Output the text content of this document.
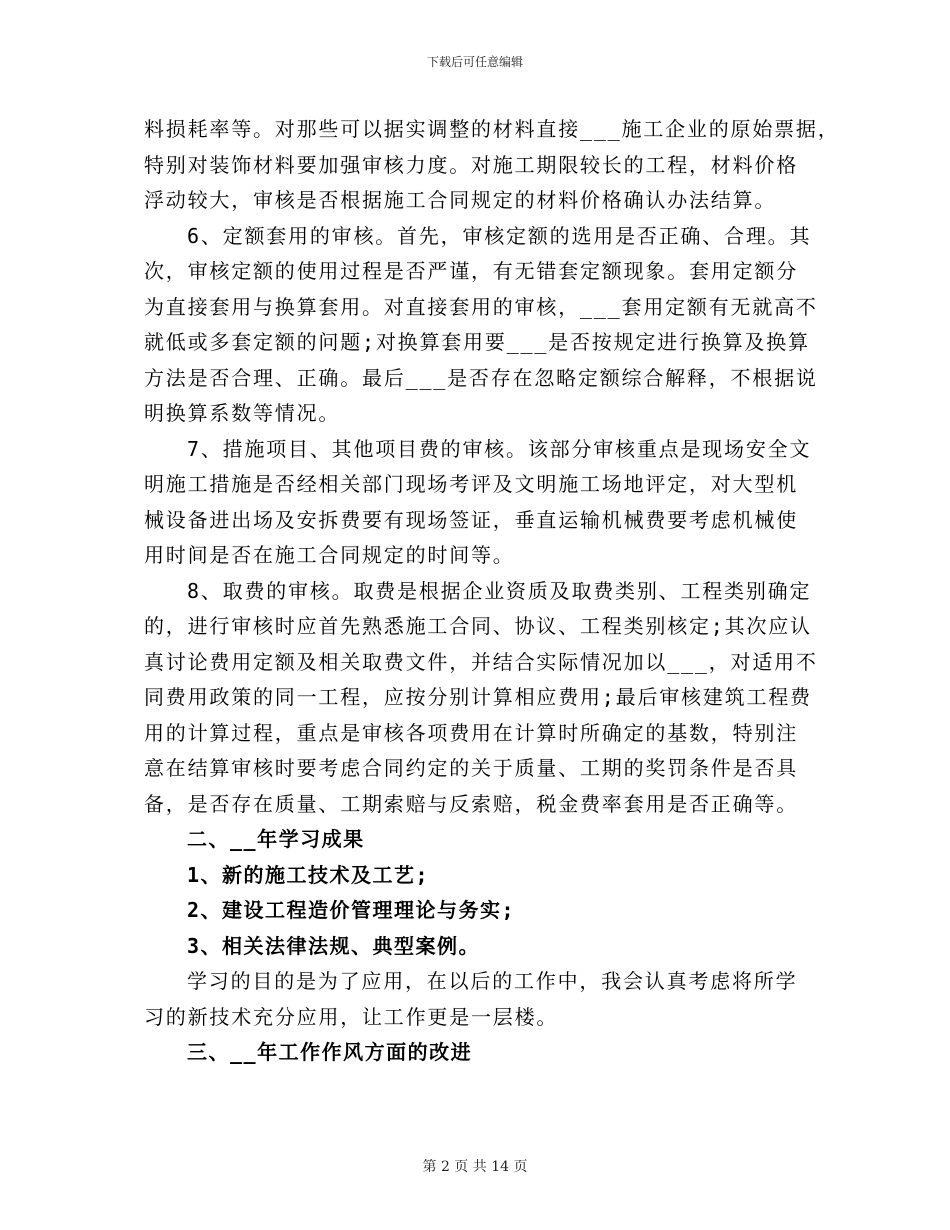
下载后可任意编辑
料损耗率等。对那些可以据实调整的材料直接___施工企业的原始票据，
特别对装饰材料要加强审核力度。对施工期限较长的工程，材料价格
浮动较大，审核是否根据施工合同规定的材料价格确认办法结算。
6、定额套用的审核。首先，审核定额的选用是否正确、合理。其
次，审核定额的使用过程是否严谨，有无错套定额现象。套用定额分
为直接套用与换算套用。对直接套用的审核，___套用定额有无就高不
就低或多套定额的问题;对换算套用要___是否按规定进行换算及换算
方法是否合理、正确。最后___是否存在忽略定额综合解释，不根据说
明换算系数等情况。
7、措施项目、其他项目费的审核。该部分审核重点是现场安全文
明施工措施是否经相关部门现场考评及文明施工场地评定，对大型机
械设备进出场及安拆费要有现场签证，垂直运输机械费要考虑机械使
用时间是否在施工合同规定的时间等。
8、取费的审核。取费是根据企业资质及取费类别、工程类别确定
的，进行审核时应首先熟悉施工合同、协议、工程类别核定;其次应认
真讨论费用定额及相关取费文件，并结合实际情况加以___，对适用不
同费用政策的同一工程，应按分别计算相应费用;最后审核建筑工程费
用的计算过程，重点是审核各项费用在计算时所确定的基数，特别注
意在结算审核时要考虑合同约定的关于质量、工期的奖罚条件是否具
备，是否存在质量、工期索赔与反索赔，税金费率套用是否正确等。
二、__年学习成果
1、新的施工技术及工艺;
2、建设工程造价管理理论与务实;
3、相关法律法规、典型案例。
学习的目的是为了应用，在以后的工作中，我会认真考虑将所学
习的新技术充分应用，让工作更是一层楼。
三、__年工作作风方面的改进
第 2 页 共 14 页
